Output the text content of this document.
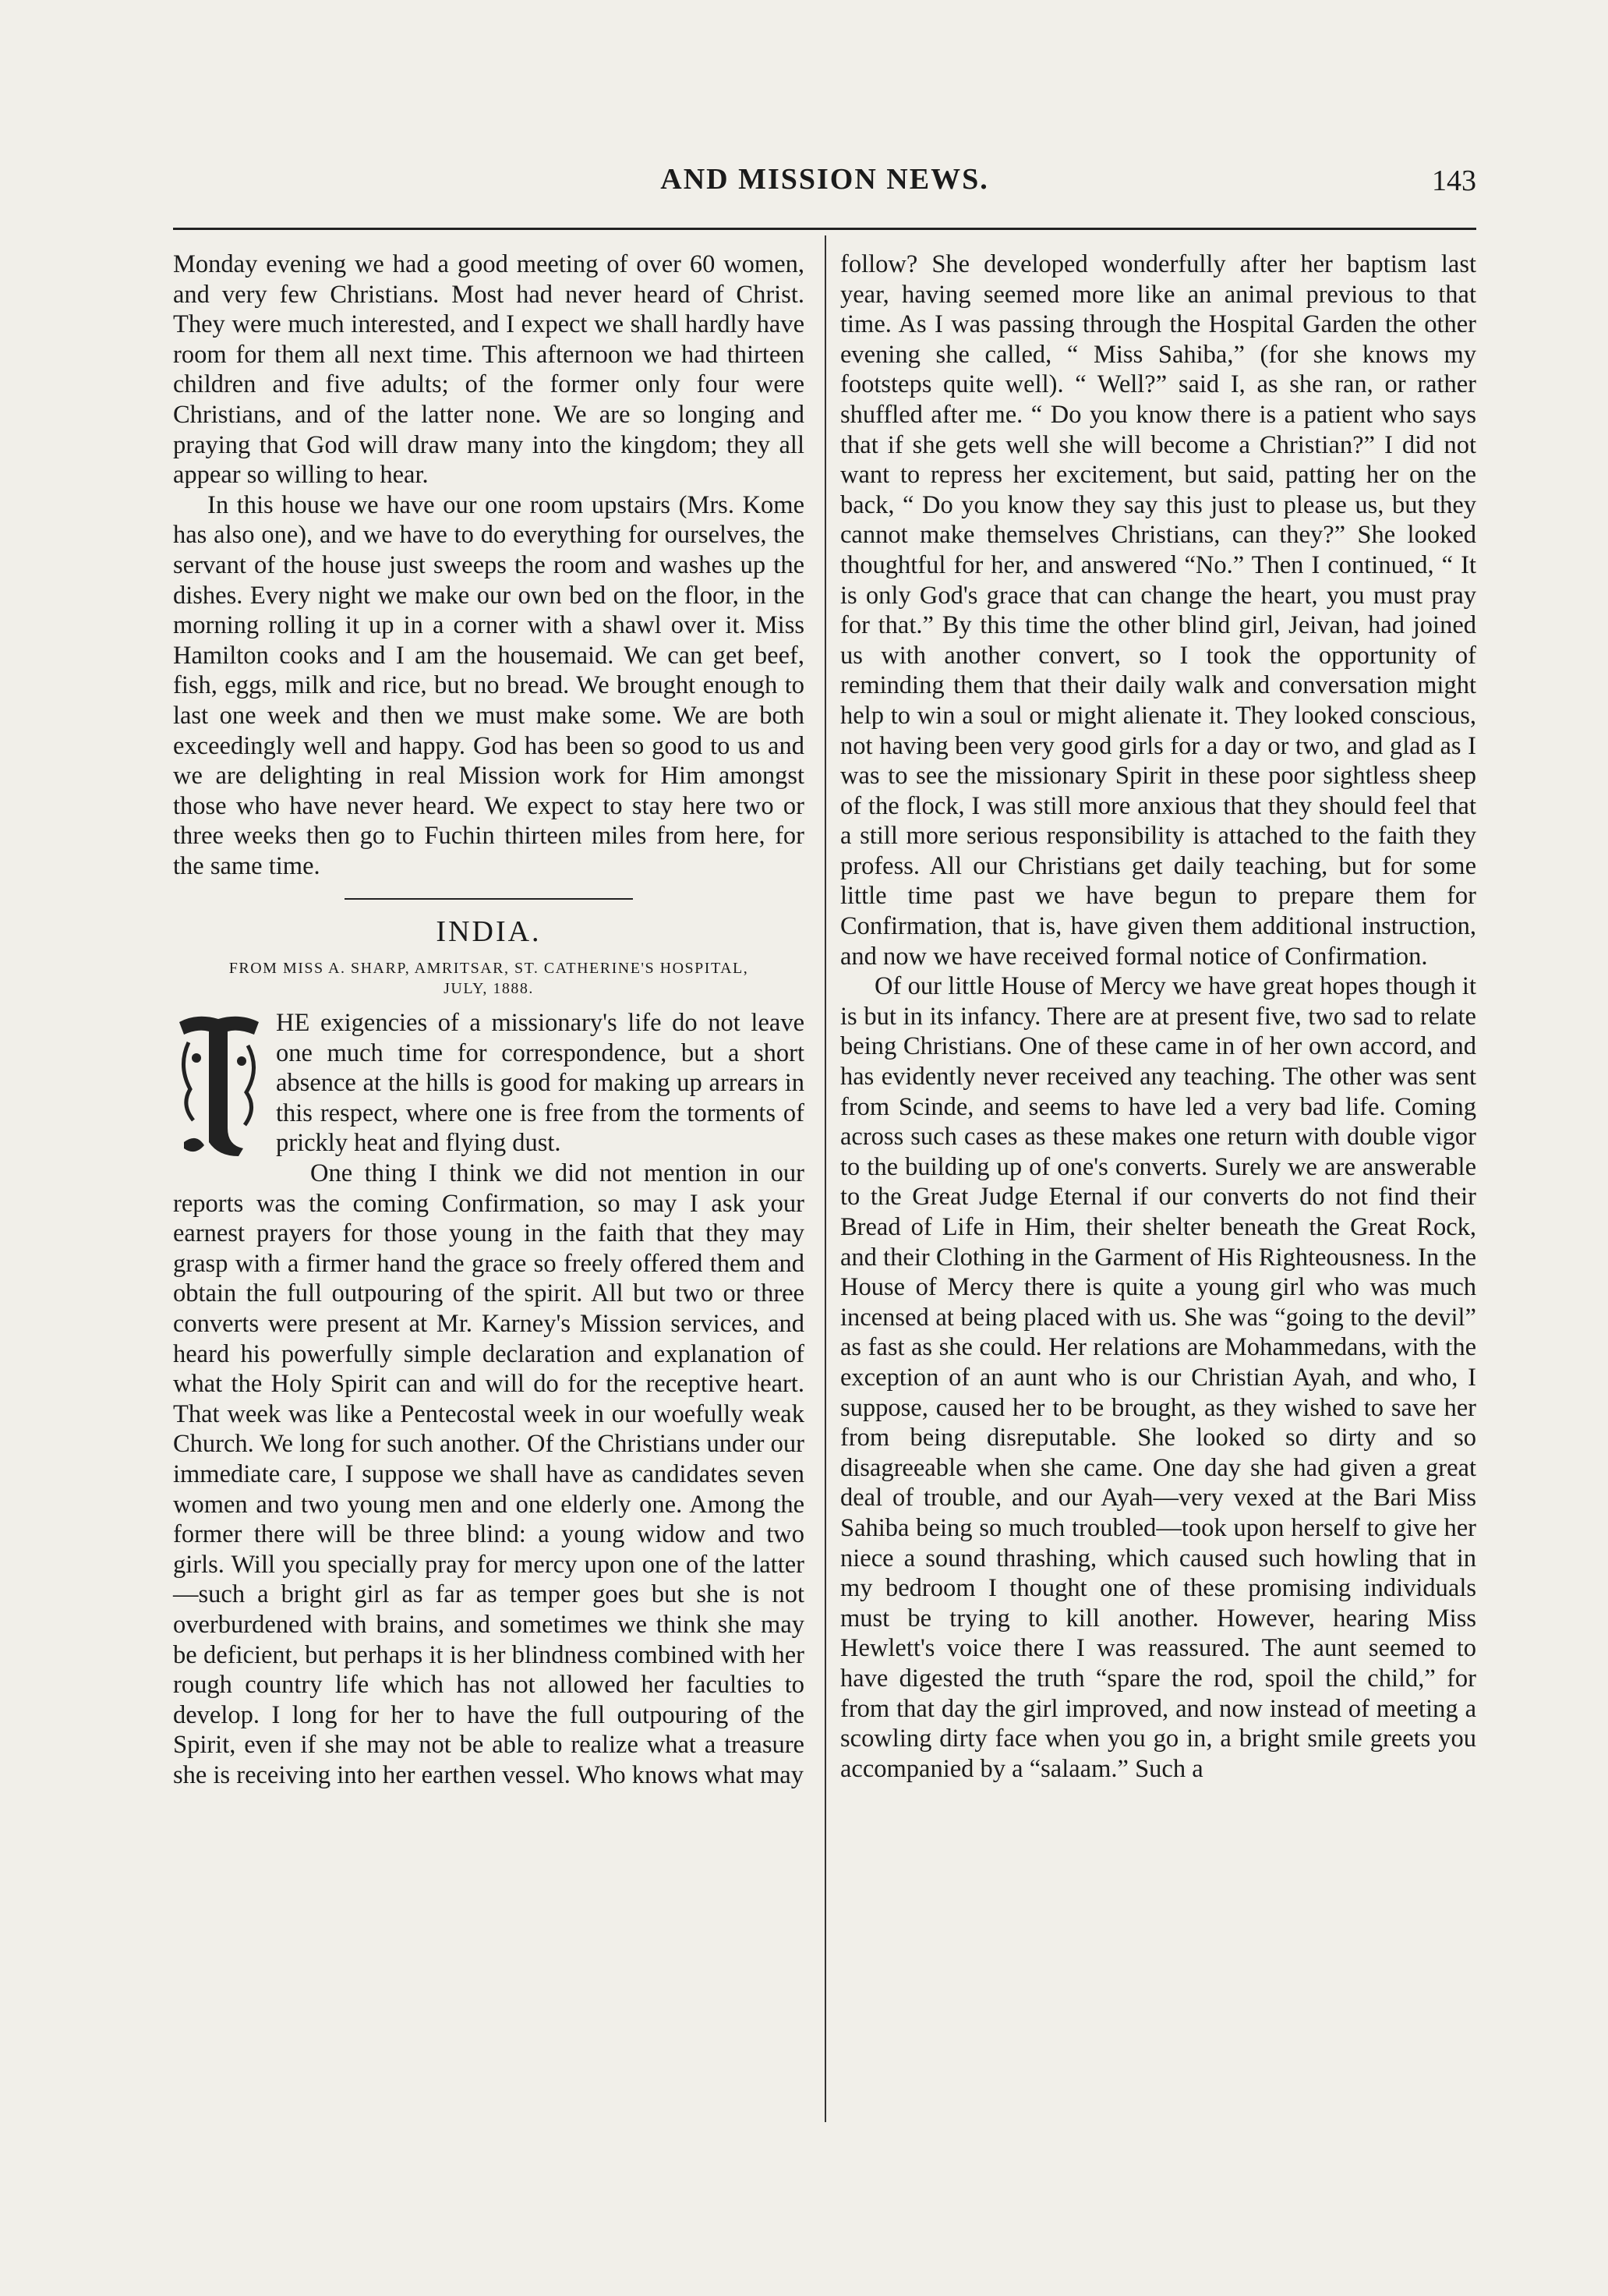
AND MISSION NEWS.	143

Monday evening we had a good meeting of over 60 women, and very few Christians. Most had never heard of Christ. They were much interested, and I expect we shall hardly have room for them all next time. This afternoon we had thirteen children and five adults; of the former only four were Christians, and of the latter none. We are so longing and praying that God will draw many into the kingdom; they all appear so willing to hear.

In this house we have our one room upstairs (Mrs. Kome has also one), and we have to do everything for ourselves, the servant of the house just sweeps the room and washes up the dishes. Every night we make our own bed on the floor, in the morning rolling it up in a corner with a shawl over it. Miss Hamilton cooks and I am the housemaid. We can get beef, fish, eggs, milk and rice, but no bread. We brought enough to last one week and then we must make some. We are both exceedingly well and happy. God has been so good to us and we are delighting in real Mission work for Him amongst those who have never heard. We expect to stay here two or three weeks then go to Fuchin thirteen miles from here, for the same time.

INDIA.
FROM MISS A. SHARP, AMRITSAR, ST. CATHERINE'S HOSPITAL,
JULY, 1888.

HE exigencies of a missionary's life do not leave one much time for correspondence, but a short absence at the hills is good for making up arrears in this respect, where one is free from the torments of prickly heat and flying dust.

One thing I think we did not mention in our reports was the coming Confirmation, so may I ask your earnest prayers for those young in the faith that they may grasp with a firmer hand the grace so freely offered them and obtain the full outpouring of the spirit. All but two or three converts were present at Mr. Karney's Mission services, and heard his powerfully simple declaration and explanation of what the Holy Spirit can and will do for the receptive heart. That week was like a Pentecostal week in our woefully weak Church. We long for such another. Of the Christians under our immediate care, I suppose we shall have as candidates seven women and two young men and one elderly one. Among the former there will be three blind: a young widow and two girls. Will you specially pray for mercy upon one of the latter—such a bright girl as far as temper goes but she is not overburdened with brains, and sometimes we think she may be deficient, but perhaps it is her blindness combined with her rough country life which has not allowed her faculties to develop. I long for her to have the full outpouring of the Spirit, even if she may not be able to realize what a treasure she is receiving into her earthen vessel. Who knows what may

follow? She developed wonderfully after her baptism last year, having seemed more like an animal previous to that time. As I was passing through the Hospital Garden the other evening she called, “ Miss Sahiba,” (for she knows my footsteps quite well). “ Well?” said I, as she ran, or rather shuffled after me. “ Do you know there is a patient who says that if she gets well she will become a Christian?” I did not want to repress her excitement, but said, patting her on the back, “ Do you know they say this just to please us, but they cannot make themselves Christians, can they?” She looked thoughtful for her, and answered “No.” Then I continued, “ It is only God's grace that can change the heart, you must pray for that.” By this time the other blind girl, Jeivan, had joined us with another convert, so I took the opportunity of reminding them that their daily walk and conversation might help to win a soul or might alienate it. They looked conscious, not having been very good girls for a day or two, and glad as I was to see the missionary Spirit in these poor sightless sheep of the flock, I was still more anxious that they should feel that a still more serious responsibility is attached to the faith they profess. All our Christians get daily teaching, but for some little time past we have begun to prepare them for Confirmation, that is, have given them additional instruction, and now we have received formal notice of Confirmation.

Of our little House of Mercy we have great hopes though it is but in its infancy. There are at present five, two sad to relate being Christians. One of these came in of her own accord, and has evidently never received any teaching. The other was sent from Scinde, and seems to have led a very bad life. Coming across such cases as these makes one return with double vigor to the building up of one's converts. Surely we are answerable to the Great Judge Eternal if our converts do not find their Bread of Life in Him, their shelter beneath the Great Rock, and their Clothing in the Garment of His Righteousness. In the House of Mercy there is quite a young girl who was much incensed at being placed with us. She was “going to the devil” as fast as she could. Her relations are Mohammedans, with the exception of an aunt who is our Christian Ayah, and who, I suppose, caused her to be brought, as they wished to save her from being disreputable. She looked so dirty and so disagreeable when she came. One day she had given a great deal of trouble, and our Ayah—very vexed at the Bari Miss Sahiba being so much troubled—took upon herself to give her niece a sound thrashing, which caused such howling that in my bedroom I thought one of these promising individuals must be trying to kill another. However, hearing Miss Hewlett's voice there I was reassured. The aunt seemed to have digested the truth “spare the rod, spoil the child,” for from that day the girl improved, and now instead of meeting a scowling dirty face when you go in, a bright smile greets you accompanied by a “salaam.” Such a
